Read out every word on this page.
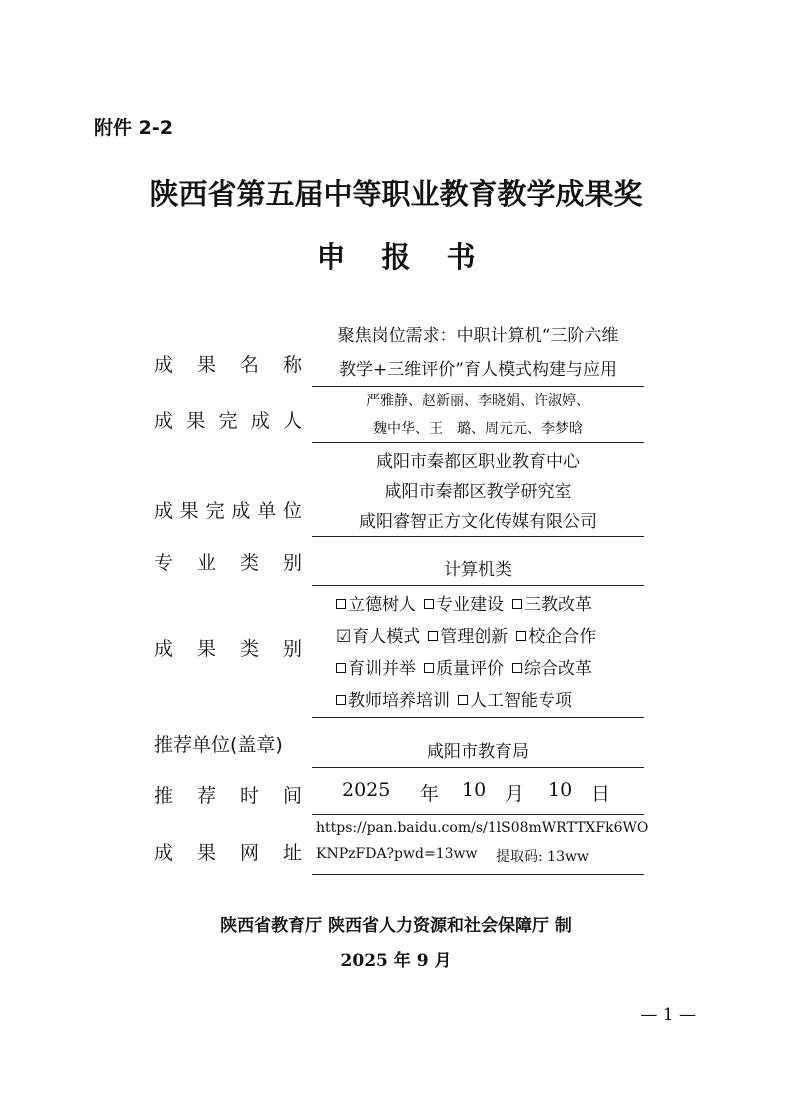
附件 2-2
陕西省第五届中等职业教育教学成果奖
申报书
成 果 名 称
聚焦岗位需求：中职计算机“三阶六维
教学+三维评价”育人模式构建与应用
成 果 完 成 人
严雅静、赵新丽、李晓娟、许淑婷、
魏中华、王　璐、周元元、李梦晗
成 果 完 成 单 位
咸阳市秦都区职业教育中心
咸阳市秦都区教学研究室
咸阳睿智正方文化传媒有限公司
专 业 类 别	计算机类
成 果 类 别
立德树人 专业建设 三教改革
☑育人模式 管理创新 校企合作
育训并举 质量评价 综合改革
教师培养培训 人工智能专项
推荐单位(盖章)	咸阳市教育局
推 荐 时 间 2025 年 10 月 10 日
成 果 网 址
https://pan.baidu.com/s/1lS08mWRTTXFk6WO
KNPzFDA?pwd=13ww 提取码: 13ww
陕西省教育厅 陕西省人力资源和社会保障厅 制
2025 年 9 月
— 1 —
